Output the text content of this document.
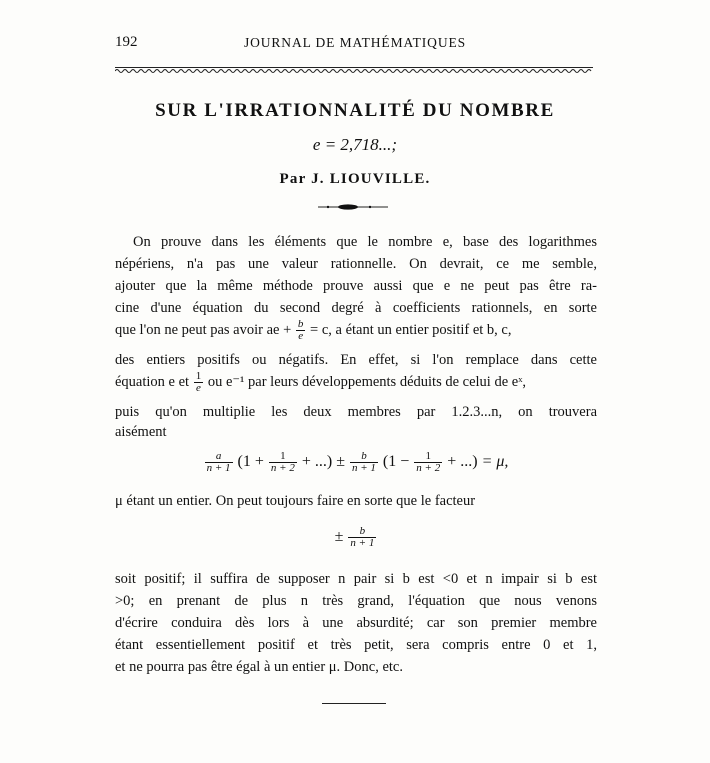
192	JOURNAL DE MATHÉMATIQUES
SUR L'IRRATIONNALITÉ DU NOMBRE
e = 2,718...;
Par J. LIOUVILLE.
On prouve dans les éléments que le nombre e, base des logarithmes
népériens, n'a pas une valeur rationnelle. On devrait, ce me semble,
ajouter que la même méthode prouve aussi que e ne peut pas être ra-
cine d'une équation du second degré à coefficients rationnels, en sorte
que l'on ne peut pas avoir ae + $\frac{b}{e} = c$, a étant un entier positif et b, c,
des entiers positifs ou négatifs. En effet, si l'on remplace dans cette
équation e et $\frac{1}{e}$ ou e⁻¹ par leurs développements déduits de celui de eˣ,
puis qu'on multiplie les deux membres par 1.2.3...n, on trouvera
aisément
$\frac{a}{n + 1} (1 + \frac{1}{n + 2}$ + ...) ± $\frac{b}{n + 1} (1 - \frac{1}{n + 2}$ + ...) = μ,
μ étant un entier. On peut toujours faire en sorte que le facteur
± $\frac{b}{n + 1}$
soit positif; il suffira de supposer n pair si b est <0 et n impair si b est
>0; en prenant de plus n très grand, l'équation que nous venons
d'écrire conduira dès lors à une absurdité; car son premier membre
étant essentiellement positif et très petit, sera compris entre 0 et 1,
et ne pourra pas être égal à un entier μ. Donc, etc.
